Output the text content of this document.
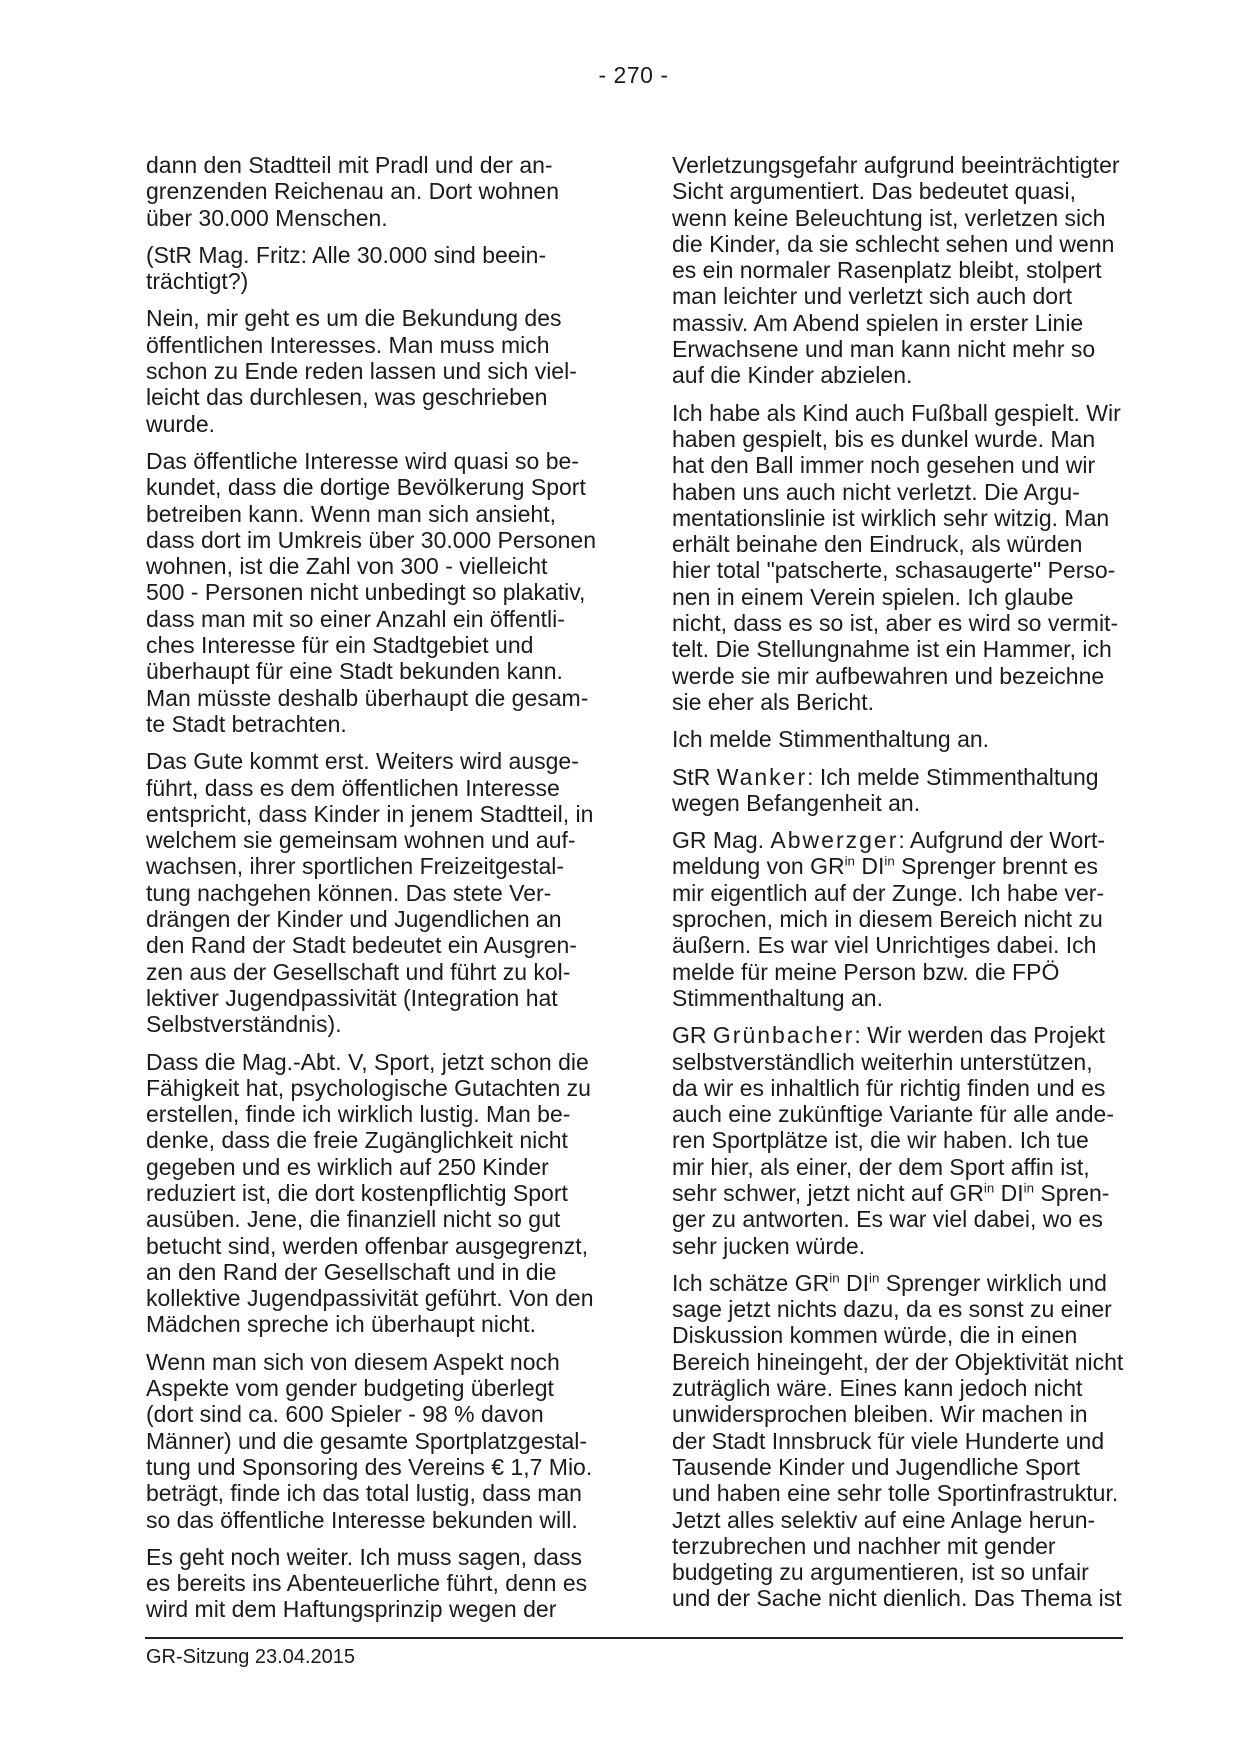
- 270 -

dann den Stadtteil mit Pradl und der an-
grenzenden Reichenau an. Dort wohnen
über 30.000 Menschen.

(StR Mag. Fritz: Alle 30.000 sind beein-
trächtigt?)

Nein, mir geht es um die Bekundung des
öffentlichen Interesses. Man muss mich
schon zu Ende reden lassen und sich viel-
leicht das durchlesen, was geschrieben
wurde.

Das öffentliche Interesse wird quasi so be-
kundet, dass die dortige Bevölkerung Sport
betreiben kann. Wenn man sich ansieht,
dass dort im Umkreis über 30.000 Personen
wohnen, ist die Zahl von 300 - vielleicht
500 - Personen nicht unbedingt so plakativ,
dass man mit so einer Anzahl ein öffentli-
ches Interesse für ein Stadtgebiet und
überhaupt für eine Stadt bekunden kann.
Man müsste deshalb überhaupt die gesam-
te Stadt betrachten.

Das Gute kommt erst. Weiters wird ausge-
führt, dass es dem öffentlichen Interesse
entspricht, dass Kinder in jenem Stadtteil, in
welchem sie gemeinsam wohnen und auf-
wachsen, ihrer sportlichen Freizeitgestal-
tung nachgehen können. Das stete Ver-
drängen der Kinder und Jugendlichen an
den Rand der Stadt bedeutet ein Ausgren-
zen aus der Gesellschaft und führt zu kol-
lektiver Jugendpassivität (Integration hat
Selbstverständnis).

Dass die Mag.-Abt. V, Sport, jetzt schon die
Fähigkeit hat, psychologische Gutachten zu
erstellen, finde ich wirklich lustig. Man be-
denke, dass die freie Zugänglichkeit nicht
gegeben und es wirklich auf 250 Kinder
reduziert ist, die dort kostenpflichtig Sport
ausüben. Jene, die finanziell nicht so gut
betucht sind, werden offenbar ausgegrenzt,
an den Rand der Gesellschaft und in die
kollektive Jugendpassivität geführt. Von den
Mädchen spreche ich überhaupt nicht.

Wenn man sich von diesem Aspekt noch
Aspekte vom gender budgeting überlegt
(dort sind ca. 600 Spieler - 98 % davon
Männer) und die gesamte Sportplatzgestal-
tung und Sponsoring des Vereins € 1,7 Mio.
beträgt, finde ich das total lustig, dass man
so das öffentliche Interesse bekunden will.

Es geht noch weiter. Ich muss sagen, dass
es bereits ins Abenteuerliche führt, denn es
wird mit dem Haftungsprinzip wegen der

Verletzungsgefahr aufgrund beeinträchtigter
Sicht argumentiert. Das bedeutet quasi,
wenn keine Beleuchtung ist, verletzen sich
die Kinder, da sie schlecht sehen und wenn
es ein normaler Rasenplatz bleibt, stolpert
man leichter und verletzt sich auch dort
massiv. Am Abend spielen in erster Linie
Erwachsene und man kann nicht mehr so
auf die Kinder abzielen.

Ich habe als Kind auch Fußball gespielt. Wir
haben gespielt, bis es dunkel wurde. Man
hat den Ball immer noch gesehen und wir
haben uns auch nicht verletzt. Die Argu-
mentationslinie ist wirklich sehr witzig. Man
erhält beinahe den Eindruck, als würden
hier total "patscherte, schasaugerte" Perso-
nen in einem Verein spielen. Ich glaube
nicht, dass es so ist, aber es wird so vermit-
telt. Die Stellungnahme ist ein Hammer, ich
werde sie mir aufbewahren und bezeichne
sie eher als Bericht.

Ich melde Stimmenthaltung an.

StR Wanker: Ich melde Stimmenthaltung
wegen Befangenheit an.

GR Mag. Abwerzger: Aufgrund der Wort-
meldung von $GR^{in}$ $DI^{in}$ Sprenger brennt es
mir eigentlich auf der Zunge. Ich habe ver-
sprochen, mich in diesem Bereich nicht zu
äußern. Es war viel Unrichtiges dabei. Ich
melde für meine Person bzw. die FPÖ
Stimmenthaltung an.

GR Grünbacher: Wir werden das Projekt
selbstverständlich weiterhin unterstützen,
da wir es inhaltlich für richtig finden und es
auch eine zukünftige Variante für alle ande-
ren Sportplätze ist, die wir haben. Ich tue
mir hier, als einer, der dem Sport affin ist,
sehr schwer, jetzt nicht auf $GR^{in}$ $DI^{in}$ Spren-
ger zu antworten. Es war viel dabei, wo es
sehr jucken würde.

Ich schätze $GR^{in}$ $DI^{in}$ Sprenger wirklich und
sage jetzt nichts dazu, da es sonst zu einer
Diskussion kommen würde, die in einen
Bereich hineingeht, der der Objektivität nicht
zuträglich wäre. Eines kann jedoch nicht
unwidersprochen bleiben. Wir machen in
der Stadt Innsbruck für viele Hunderte und
Tausende Kinder und Jugendliche Sport
und haben eine sehr tolle Sportinfrastruktur.
Jetzt alles selektiv auf eine Anlage herun-
terzubrechen und nachher mit gender
budgeting zu argumentieren, ist so unfair
und der Sache nicht dienlich. Das Thema ist

GR-Sitzung 23.04.2015
